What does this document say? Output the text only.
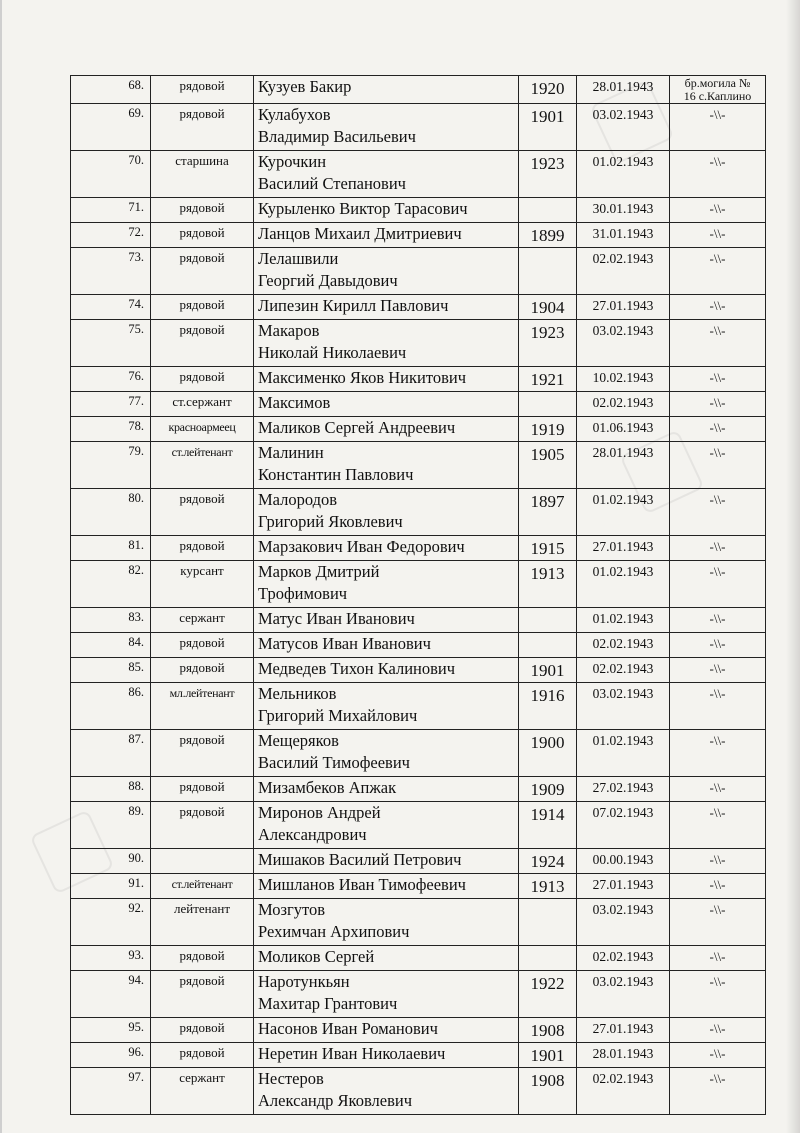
68.	рядовой	Кузуев Бакир	1920	28.01.1943	бр.могила №
16 с.Каплино
69.	рядовой	Кулабухов
Владимир Васильевич	1901	03.02.1943	-\\-
70.	старшина	Курочкин
Василий Степанович	1923	01.02.1943	-\\-
71.	рядовой	Курыленко Виктор Тарасович		30.01.1943	-\\-
72.	рядовой	Ланцов Михаил Дмитриевич	1899	31.01.1943	-\\-
73.	рядовой	Лелашвили
Георгий Давыдович		02.02.1943	-\\-
74.	рядовой	Липезин Кирилл Павлович	1904	27.01.1943	-\\-
75.	рядовой	Макаров
Николай Николаевич	1923	03.02.1943	-\\-
76.	рядовой	Максименко Яков Никитович	1921	10.02.1943	-\\-
77.	ст.сержант	Максимов		02.02.1943	-\\-
78.	красноармеец	Маликов Сергей Андреевич	1919	01.06.1943	-\\-
79.	ст.лейтенант	Малинин
Константин Павлович	1905	28.01.1943	-\\-
80.	рядовой	Малородов
Григорий Яковлевич	1897	01.02.1943	-\\-
81.	рядовой	Марзакович Иван Федорович	1915	27.01.1943	-\\-
82.	курсант	Марков Дмитрий
Трофимович	1913	01.02.1943	-\\-
83.	сержант	Матус Иван Иванович		01.02.1943	-\\-
84.	рядовой	Матусов Иван Иванович		02.02.1943	-\\-
85.	рядовой	Медведев Тихон Калинович	1901	02.02.1943	-\\-
86.	мл.лейтенант	Мельников
Григорий Михайлович	1916	03.02.1943	-\\-
87.	рядовой	Мещеряков
Василий Тимофеевич	1900	01.02.1943	-\\-
88.	рядовой	Мизамбеков Апжак	1909	27.02.1943	-\\-
89.	рядовой	Миронов Андрей
Александрович	1914	07.02.1943	-\\-
90.		Мишаков Василий Петрович	1924	00.00.1943	-\\-
91.	ст.лейтенант	Мишланов Иван Тимофеевич	1913	27.01.1943	-\\-
92.	лейтенант	Мозгутов
Рехимчан Архипович		03.02.1943	-\\-
93.	рядовой	Моликов Сергей		02.02.1943	-\\-
94.	рядовой	Наротункьян
Махитар Грантович	1922	03.02.1943	-\\-
95.	рядовой	Насонов Иван Романович	1908	27.01.1943	-\\-
96.	рядовой	Неретин Иван Николаевич	1901	28.01.1943	-\\-
97.	сержант	Нестеров
Александр Яковлевич	1908	02.02.1943	-\\-
